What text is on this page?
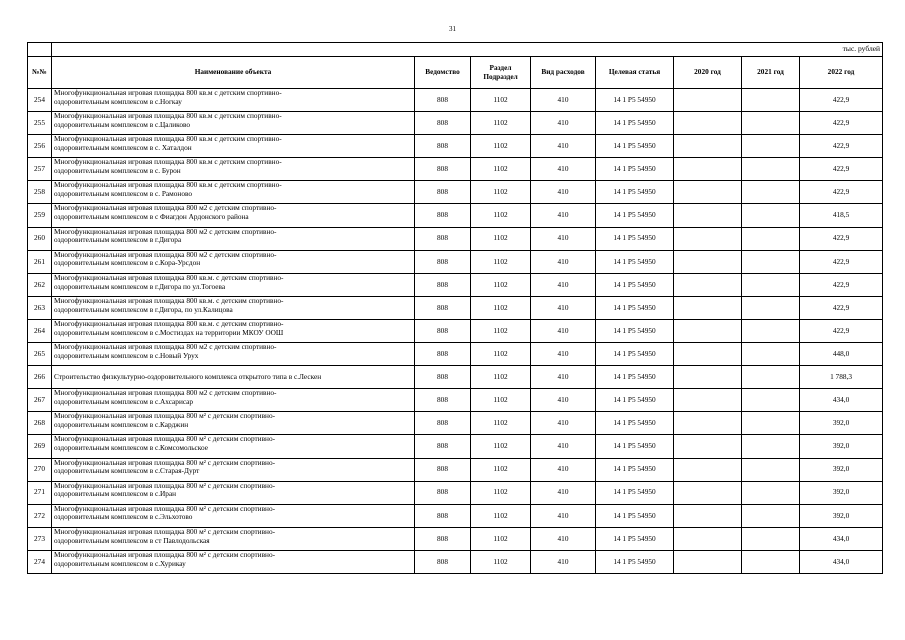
31
	тыс. рублей							
№№	Наименование объекта	Ведомство	Раздел Подраздел	Вид расходов	Целевая статья	2020 год	2021 год	2022 год
254	Многофункциональная игровая площадка 800 кв.м с детским спортивно-
оздоровительным комплексом в с.Ногкау	808	1102	410	14 1 Р5 54950			422,9
255	Многофункциональная игровая площадка 800 кв.м с детским спортивно-
оздоровительным комплексом в с.Цаликово	808	1102	410	14 1 Р5 54950			422,9
256	Многофункциональная игровая площадка 800 кв.м с детским спортивно-
оздоровительным комплексом в с. Хаталдон	808	1102	410	14 1 Р5 54950			422,9
257	Многофункциональная игровая площадка 800 кв.м с детским спортивно-
оздоровительным комплексом в с. Бурон	808	1102	410	14 1 Р5 54950			422,9
258	Многофункциональная игровая площадка 800 кв.м с детским спортивно-
оздоровительным комплексом в с. Рамоново	808	1102	410	14 1 Р5 54950			422,9
259	Многофункциональная игровая площадка 800 м2 с детским спортивно-
оздоровительным комплексом в с Фиагдон Ардонского района	808	1102	410	14 1 Р5 54950			418,5
260	Многофункциональная игровая площадка 800 м2 с детским спортивно-
оздоровительным комплексом в г.Дигора	808	1102	410	14 1 Р5 54950			422,9
261	Многофункциональная игровая площадка 800 м2 с детским спортивно-
оздоровительным комплексом в с.Кора-Урсдон	808	1102	410	14 1 Р5 54950			422,9
262	Многофункциональная игровая площадка 800 кв.м. с детским спортивно-
оздоровительным комплексом в г.Дигора по ул.Тогоева	808	1102	410	14 1 Р5 54950			422,9
263	Многофункциональная игровая площадка 800 кв.м. с детским спортивно-
оздоровительным комплексом в г.Дигора, по ул.Калицова	808	1102	410	14 1 Р5 54950			422,9
264	Многофункциональная игровая площадка 800 кв.м. с детским спортивно-
оздоровительным комплексом в с.Мостиздах на территории МКОУ ООШ	808	1102	410	14 1 Р5 54950			422,9
265	Многофункциональная игровая площадка 800 м2 с детским спортивно-
оздоровительным комплексом в с.Новый Урух	808	1102	410	14 1 Р5 54950			448,0
266	Строительство физкультурно-оздоровительного комплекса открытого типа в с.Лескен	808	1102	410	14 1 Р5 54950			1 788,3
267	Многофункциональная игровая площадка 800 м2 с детским спортивно-
оздоровительным комплексом в с.Ахсарисар	808	1102	410	14 1 Р5 54950			434,0
268	Многофункциональная игровая площадка 800 м² с детским спортивно-
оздоровительным комплексом в с.Карджин	808	1102	410	14 1 Р5 54950			392,0
269	Многофункциональная игровая площадка 800 м² с детским спортивно-
оздоровительным комплексом в с.Комсомольское	808	1102	410	14 1 Р5 54950			392,0
270	Многофункциональная игровая площадка 800 м² с детским спортивно-
оздоровительным комплексом в с.Старая-Дурт	808	1102	410	14 1 Р5 54950			392,0
271	Многофункциональная игровая площадка 800 м² с детским спортивно-
оздоровительным комплексом в с.Иран	808	1102	410	14 1 Р5 54950			392,0
272	Многофункциональная игровая площадка 800 м² с детским спортивно-
оздоровительным комплексом в с.Эльхотово	808	1102	410	14 1 Р5 54950			392,0
273	Многофункциональная игровая площадка 800 м² с детским спортивно-
оздоровительным комплексом в ст Павлодольская	808	1102	410	14 1 Р5 54950			434,0
274	Многофункциональная игровая площадка 800 м² с детским спортивно-
оздоровительным комплексом в с.Хурикау	808	1102	410	14 1 Р5 54950			434,0
